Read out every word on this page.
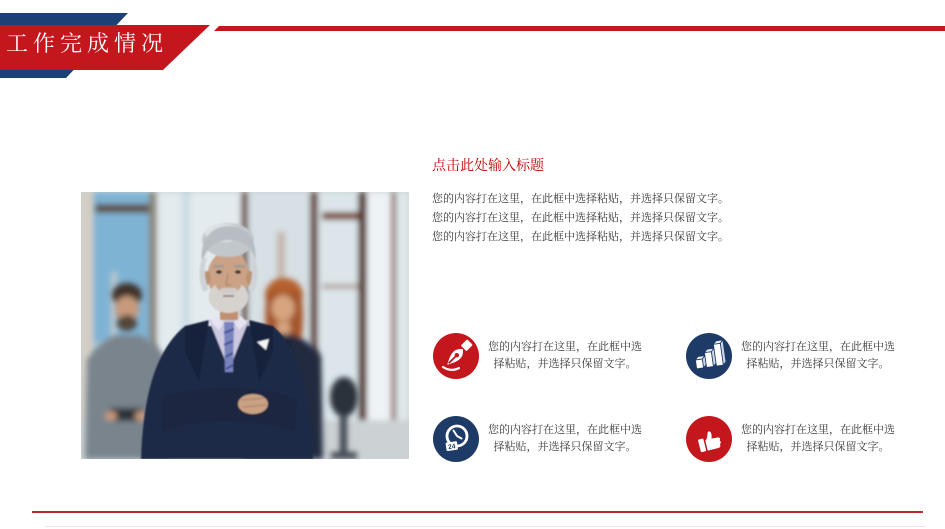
工作完成情况
点击此处输入标题
您的内容打在这里，在此框中选择粘贴，并选择只保留文字。
您的内容打在这里，在此框中选择粘贴，并选择只保留文字。
您的内容打在这里，在此框中选择粘贴，并选择只保留文字。
您的内容打在这里，在此框中选择粘贴，并选择只保留文字。
您的内容打在这里，在此框中选择粘贴，并选择只保留文字。
24
您的内容打在这里，在此框中选择粘贴，并选择只保留文字。
您的内容打在这里，在此框中选择粘贴，并选择只保留文字。
